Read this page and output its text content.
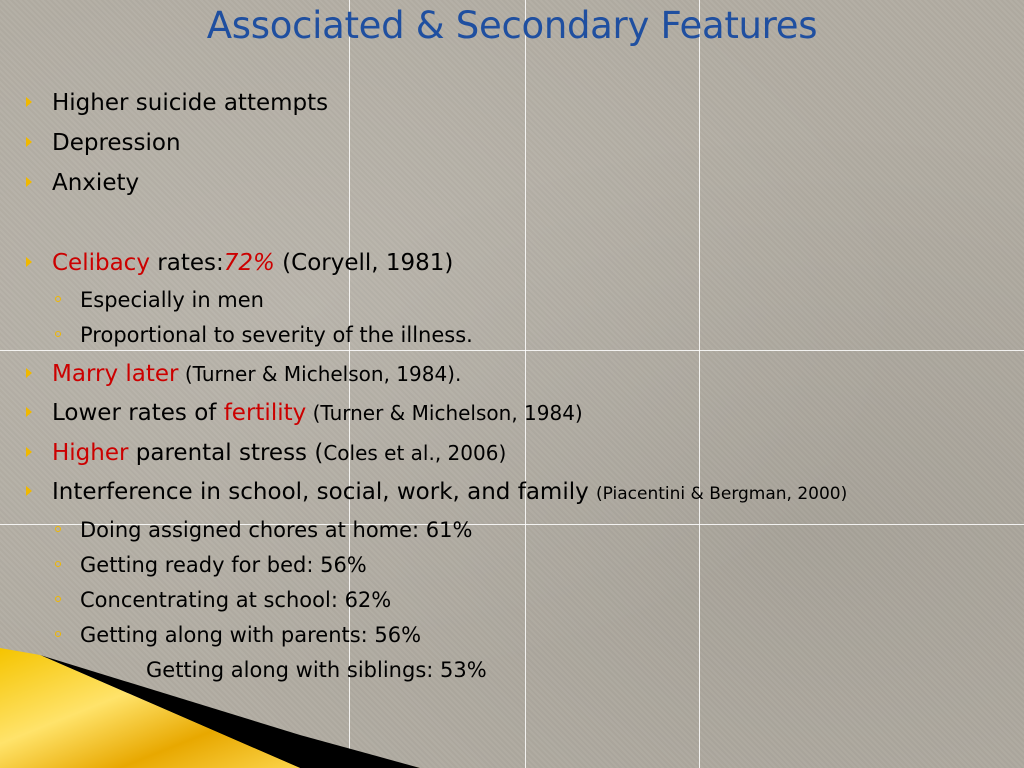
Associated & Secondary Features
Higher suicide attempts
Depression
Anxiety
Celibacy rates:72% (Coryell, 1981)
Especially in men
Proportional to severity of the illness.
Marry later (Turner & Michelson, 1984).
Lower rates of fertility (Turner & Michelson, 1984)
Higher parental stress (Coles et al., 2006)
Interference in school, social, work, and family (Piacentini & Bergman, 2000)
Doing assigned chores at home: 61%
Getting ready for bed: 56%
Concentrating at school: 62%
Getting along with parents: 56%
Getting along with siblings: 53%
